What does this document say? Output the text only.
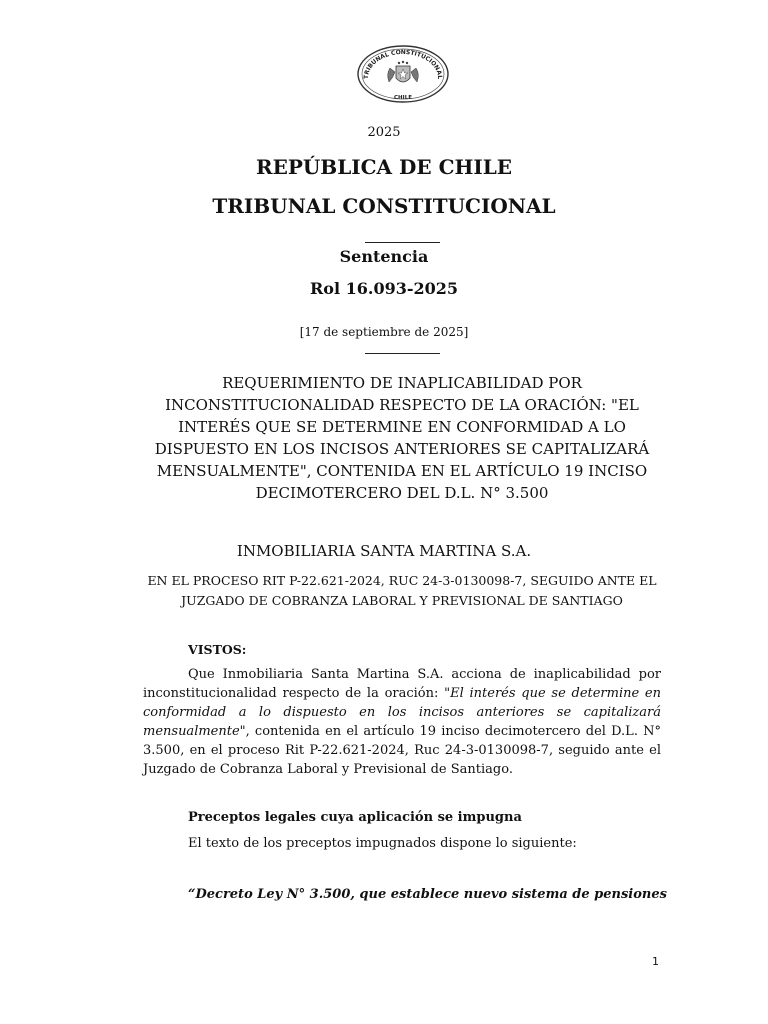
TRIBUNAL CONSTITUCIONAL
CHILE
2025
REPÚBLICA DE CHILE
TRIBUNAL CONSTITUCIONAL
Sentencia
Rol 16.093-2025
[17 de septiembre de 2025]
REQUERIMIENTO DE INAPLICABILIDAD POR INCONSTITUCIONALIDAD RESPECTO DE LA ORACIÓN: "EL INTERÉS QUE SE DETERMINE EN CONFORMIDAD A LO DISPUESTO EN LOS INCISOS ANTERIORES SE CAPITALIZARÁ MENSUALMENTE", CONTENIDA EN EL ARTÍCULO 19 INCISO DECIMOTERCERO DEL D.L. N° 3.500
INMOBILIARIA SANTA MARTINA S.A.
EN EL PROCESO RIT P-22.621-2024, RUC 24-3-0130098-7, SEGUIDO ANTE EL JUZGADO DE COBRANZA LABORAL Y PREVISIONAL DE SANTIAGO
VISTOS:
Que Inmobiliaria Santa Martina S.A. acciona de inaplicabilidad por inconstitucionalidad respecto de la oración: "El interés que se determine en conformidad a lo dispuesto en los incisos anteriores se capitalizará mensualmente", contenida en el artículo 19 inciso decimotercero del D.L. N° 3.500, en el proceso Rit P-22.621-2024, Ruc 24-3-0130098-7, seguido ante el Juzgado de Cobranza Laboral y Previsional de Santiago.
Preceptos legales cuya aplicación se impugna
El texto de los preceptos impugnados dispone lo siguiente:
“Decreto Ley N° 3.500, que establece nuevo sistema de pensiones
1
